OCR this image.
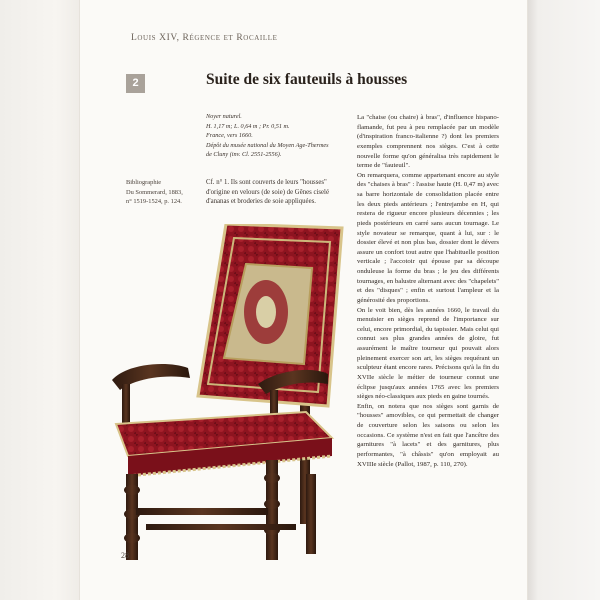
Louis XIV, Régence et Rocaille
2	Suite de six fauteuils à housses
Noyer naturel.
H. 1,17 m; L. 0,64 m ; Pr. 0,51 m.
France, vers 1660.
Dépôt du musée national du Moyen Age-Thermes
de Cluny (inv. Cl. 2551-2556).
Bibliographie
Du Sommerard, 1883,
n° 1519-1524, p. 124.
Cf. n° 1. Ils sont couverts de leurs "housses" d'origine en velours (de soie) de Gênes ciselé d'ananas et broderies de soie appliquées.

La "chaise (ou chaire) à bras", d'influence hispano-flamande, fut peu à peu remplacée par un modèle (d'inspiration franco-italienne ?) dont les premiers exemples comprennent nos sièges. C'est à cette nouvelle forme qu'on généralisa très rapidement le terme de "fauteuil".

On remarquera, comme appartenant encore au style des "chaises à bras" : l'assise haute (H. 0,47 m) avec sa barre horizontale de consolidation placée entre les deux pieds antérieurs ; l'entrejambe en H, qui restera de rigueur encore plusieurs décennies ; les pieds postérieurs en carré sans aucun tournage. Le style novateur se remarque, quant à lui, sur : le dossier élevé et non plus bas, dossier dont le dévers assure un confort tout autre que l'habituelle position verticale ; l'accotoir qui épouse par sa découpe onduleuse la forme du bras ; le jeu des différents tournages, en balustre alternant avec des "chapelets" et des "disques" ; enfin et surtout l'ampleur et la générosité des proportions.

On le voit bien, dès les années 1660, le travail du menuisier en sièges reprend de l'importance sur celui, encore primordial, du tapissier. Mais celui qui connut ses plus grandes années de gloire, fut assurément le maître tourneur qui pouvait alors pleinement exercer son art, les sièges requérant un sculpteur étant encore rares. Précisons qu'à la fin du XVIIe siècle le métier de tourneur connut une éclipse jusqu'aux années 1765 avec les premiers sièges néo-classiques aux pieds en gaine tournés.

Enfin, on notera que nos sièges sont garnis de "housses" amovibles, ce qui permettait de changer de couverture selon les saisons ou selon les occasions. Ce système n'est en fait que l'ancêtre des garnitures "à lacets" et des garnitures, plus performantes, "à châssis" qu'on employait au XVIIIe siècle (Pallot, 1987, p. 110, 270).

28
